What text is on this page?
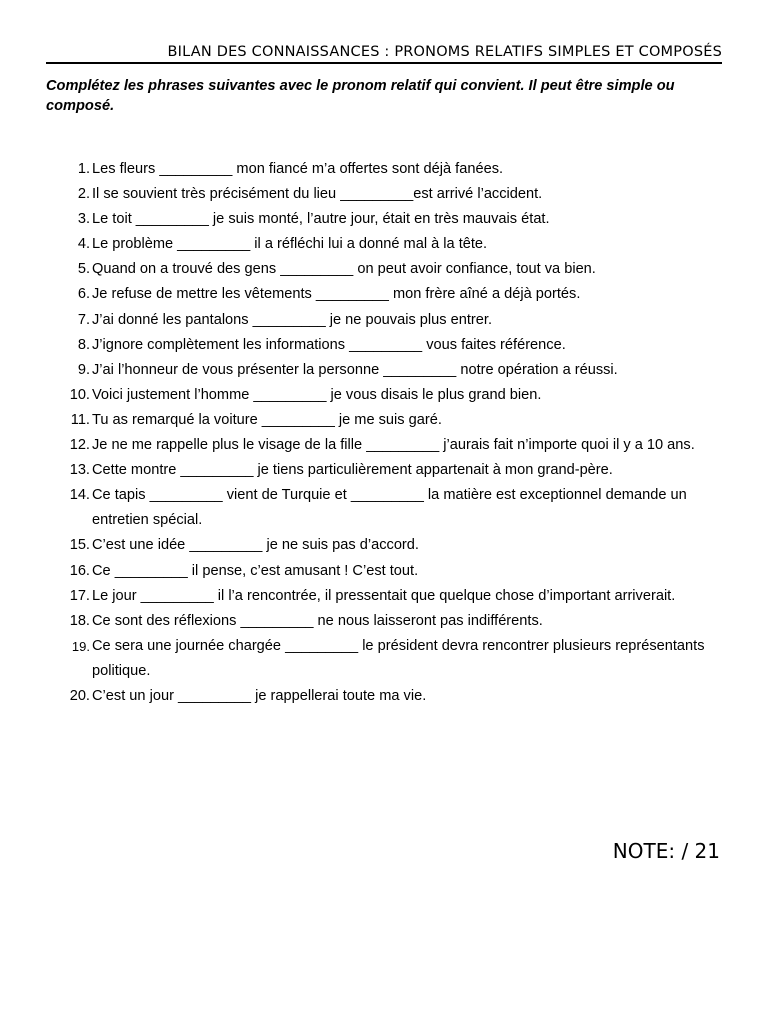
BILAN DES CONNAISSANCES : PRONOMS RELATIFS SIMPLES ET COMPOSÉS
Complétez les phrases suivantes avec le pronom relatif qui convient. Il peut être simple ou composé.
1. Les fleurs _________ mon fiancé m’a offertes sont déjà fanées.
2. Il se souvient très précisément du lieu _________est arrivé l’accident.
3. Le toit _________ je suis monté, l’autre jour, était en très mauvais état.
4. Le problème _________ il a réfléchi lui a donné mal à la tête.
5. Quand on a trouvé des gens _________ on peut avoir confiance, tout va bien.
6. Je refuse de mettre les vêtements _________ mon frère aîné a déjà portés.
7. J’ai donné les pantalons _________ je ne pouvais plus entrer.
8. J’ignore complètement les informations _________ vous faites référence.
9. J’ai l’honneur de vous présenter la personne _________ notre opération a réussi.
10. Voici justement l’homme _________ je vous disais le plus grand bien.
11. Tu as remarqué la voiture _________ je me suis garé.
12. Je ne me rappelle plus le visage de la fille _________ j’aurais fait n’importe quoi il y a 10 ans.
13. Cette montre _________ je tiens particulièrement appartenait à mon grand-père.
14. Ce tapis _________ vient de Turquie et _________ la matière est exceptionnel demande un entretien spécial.
15. C’est une idée _________ je ne suis pas d’accord.
16. Ce _________ il pense, c’est amusant ! C’est tout.
17. Le jour _________ il l’a rencontrée, il pressentait que quelque chose d’important arriverait.
18. Ce sont des réflexions _________ ne nous laisseront pas indifférents.
19. Ce sera une journée chargée _________ le président devra rencontrer plusieurs représentants politique.
20. C’est un jour _________ je rappellerai toute ma vie.
NOTE: / 21
